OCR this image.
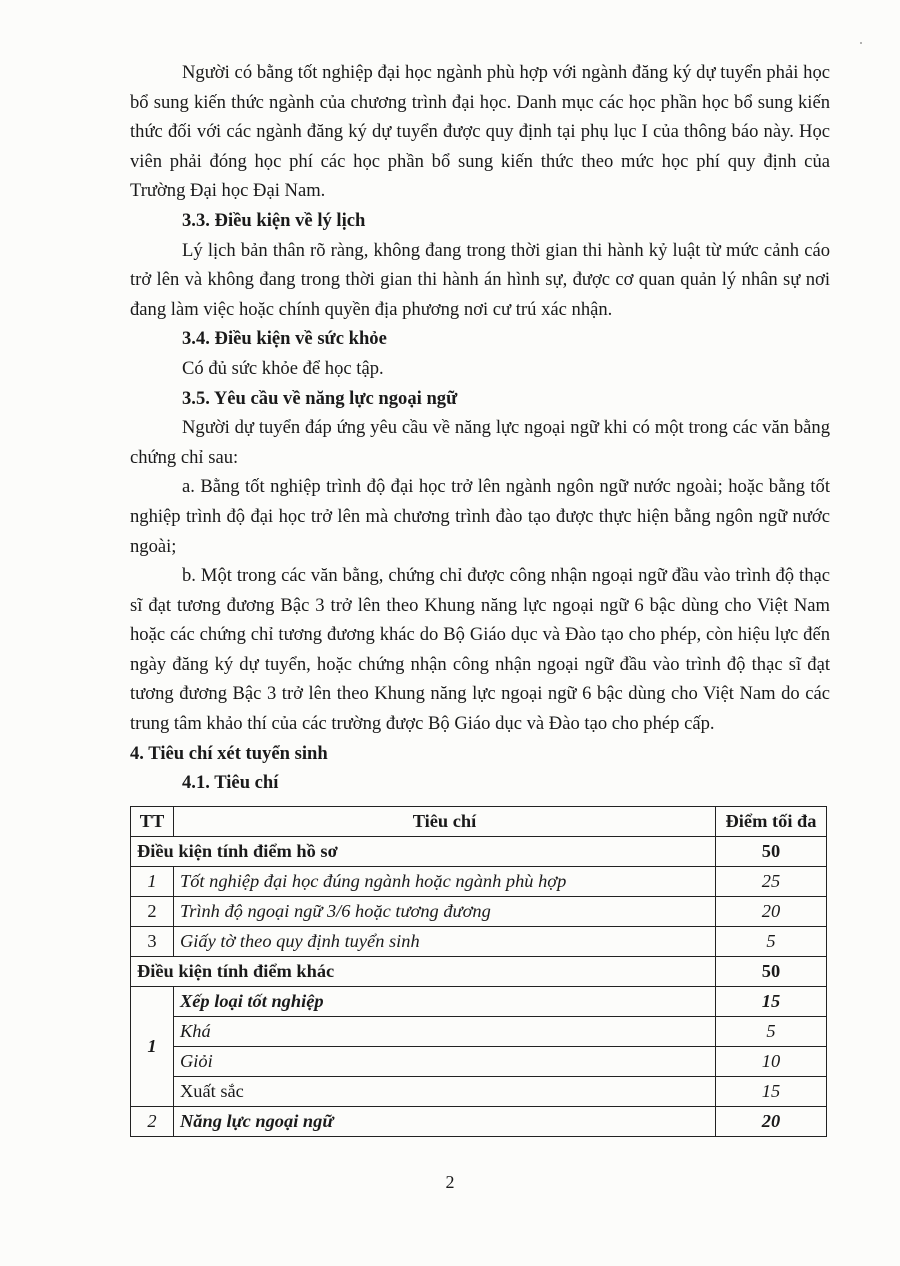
Người có bằng tốt nghiệp đại học ngành phù hợp với ngành đăng ký dự tuyển phải học bổ sung kiến thức ngành của chương trình đại học. Danh mục các học phần học bổ sung kiến thức đối với các ngành đăng ký dự tuyển được quy định tại phụ lục I của thông báo này. Học viên phải đóng học phí các học phần bổ sung kiến thức theo mức học phí quy định của Trường Đại học Đại Nam.

3.3. Điều kiện về lý lịch

Lý lịch bản thân rõ ràng, không đang trong thời gian thi hành kỷ luật từ mức cảnh cáo trở lên và không đang trong thời gian thi hành án hình sự, được cơ quan quản lý nhân sự nơi đang làm việc hoặc chính quyền địa phương nơi cư trú xác nhận.

3.4. Điều kiện về sức khỏe

Có đủ sức khỏe để học tập.

3.5. Yêu cầu về năng lực ngoại ngữ

Người dự tuyển đáp ứng yêu cầu về năng lực ngoại ngữ khi có một trong các văn bằng chứng chỉ sau:

a. Bằng tốt nghiệp trình độ đại học trở lên ngành ngôn ngữ nước ngoài; hoặc bằng tốt nghiệp trình độ đại học trở lên mà chương trình đào tạo được thực hiện bằng ngôn ngữ nước ngoài;

b. Một trong các văn bằng, chứng chỉ được công nhận ngoại ngữ đầu vào trình độ thạc sĩ đạt tương đương Bậc 3 trở lên theo Khung năng lực ngoại ngữ 6 bậc dùng cho Việt Nam hoặc các chứng chỉ tương đương khác do Bộ Giáo dục và Đào tạo cho phép, còn hiệu lực đến ngày đăng ký dự tuyển, hoặc chứng nhận công nhận ngoại ngữ đầu vào trình độ thạc sĩ đạt tương đương Bậc 3 trở lên theo Khung năng lực ngoại ngữ 6 bậc dùng cho Việt Nam do các trung tâm khảo thí của các trường được Bộ Giáo dục và Đào tạo cho phép cấp.

4. Tiêu chí xét tuyển sinh

4.1. Tiêu chí

TT	Tiêu chí	Điểm tối đa
Điều kiện tính điểm hồ sơ		50
1	Tốt nghiệp đại học đúng ngành hoặc ngành phù hợp	25
2	Trình độ ngoại ngữ 3/6 hoặc tương đương	20
3	Giấy tờ theo quy định tuyển sinh	5
Điều kiện tính điểm khác		50
1	Xếp loại tốt nghiệp	15
	Khá	5
	Giỏi	10
	Xuất sắc	15
2	Năng lực ngoại ngữ	20
2
